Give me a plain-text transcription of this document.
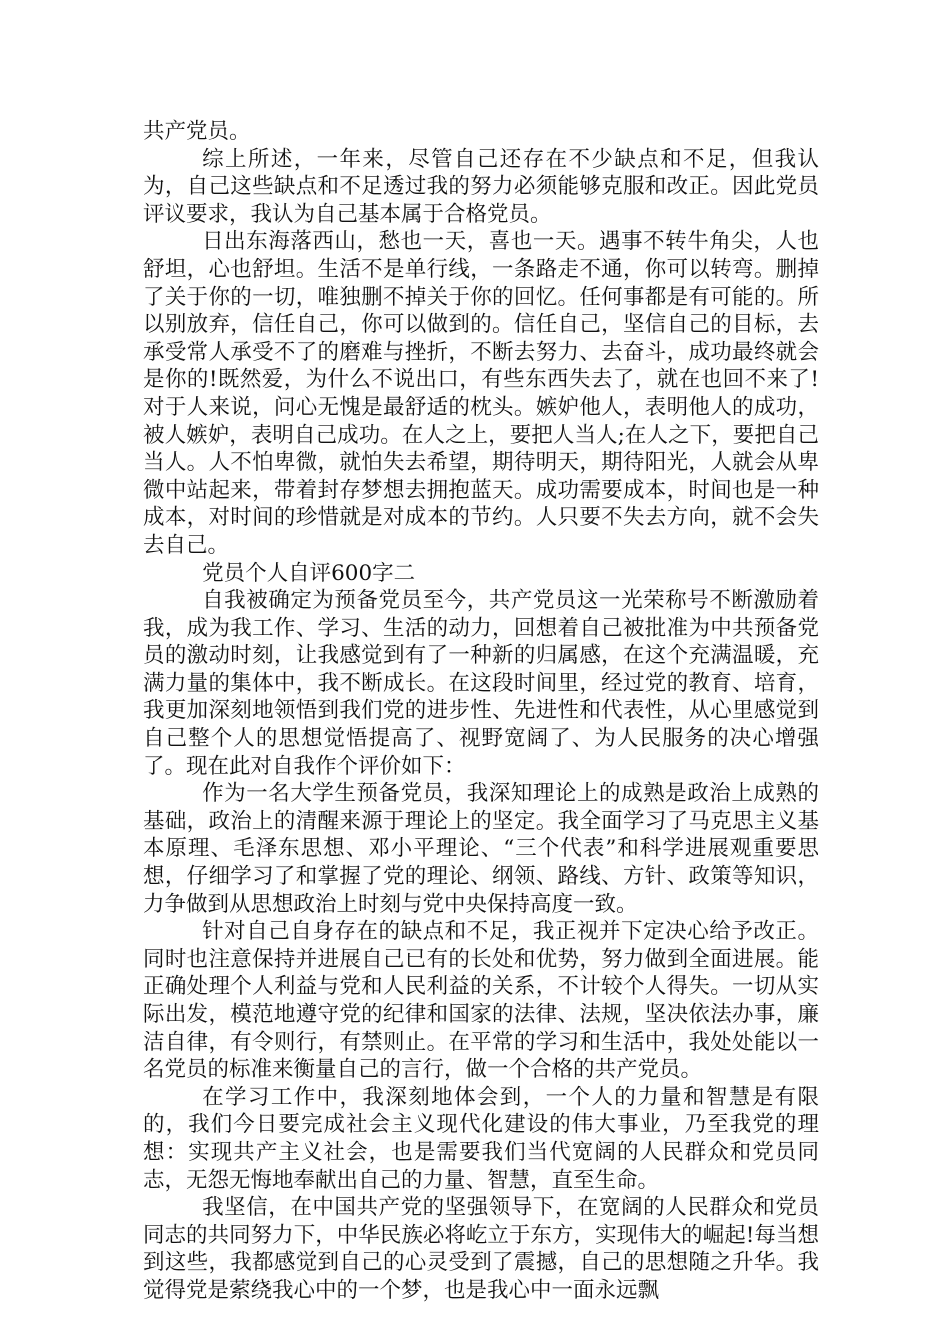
共产党员。

综上所述，一年来，尽管自己还存在不少缺点和不足，但我认为，自己这些缺点和不足透过我的努力必须能够克服和改正。因此党员评议要求，我认为自己基本属于合格党员。

日出东海落西山，愁也一天，喜也一天。遇事不转牛角尖，人也舒坦，心也舒坦。生活不是单行线，一条路走不通，你可以转弯。删掉了关于你的一切，唯独删不掉关于你的回忆。任何事都是有可能的。所以别放弃，信任自己，你可以做到的。信任自己，坚信自己的目标，去承受常人承受不了的磨难与挫折，不断去努力、去奋斗，成功最终就会是你的!既然爱，为什么不说出口，有些东西失去了，就在也回不来了!对于人来说，问心无愧是最舒适的枕头。嫉妒他人，表明他人的成功，被人嫉妒，表明自己成功。在人之上，要把人当人;在人之下，要把自己当人。人不怕卑微，就怕失去希望，期待明天，期待阳光，人就会从卑微中站起来，带着封存梦想去拥抱蓝天。成功需要成本，时间也是一种成本，对时间的珍惜就是对成本的节约。人只要不失去方向，就不会失去自己。

党员个人自评600字二

自我被确定为预备党员至今，共产党员这一光荣称号不断激励着我，成为我工作、学习、生活的动力，回想着自己被批准为中共预备党员的激动时刻，让我感觉到有了一种新的归属感，在这个充满温暖，充满力量的集体中，我不断成长。在这段时间里，经过党的教育、培育，我更加深刻地领悟到我们党的进步性、先进性和代表性，从心里感觉到自己整个人的思想觉悟提高了、视野宽阔了、为人民服务的决心增强了。现在此对自我作个评价如下：

作为一名大学生预备党员，我深知理论上的成熟是政治上成熟的基础，政治上的清醒来源于理论上的坚定。我全面学习了马克思主义基本原理、毛泽东思想、邓小平理论、“三个代表”和科学进展观重要思想，仔细学习了和掌握了党的理论、纲领、路线、方针、政策等知识，力争做到从思想政治上时刻与党中央保持高度一致。

针对自己自身存在的缺点和不足，我正视并下定决心给予改正。同时也注意保持并进展自己已有的长处和优势，努力做到全面进展。能正确处理个人利益与党和人民利益的关系，不计较个人得失。一切从实际出发，模范地遵守党的纪律和国家的法律、法规，坚决依法办事，廉洁自律，有令则行，有禁则止。在平常的学习和生活中，我处处能以一名党员的标准来衡量自己的言行，做一个合格的共产党员。

在学习工作中，我深刻地体会到，一个人的力量和智慧是有限的，我们今日要完成社会主义现代化建设的伟大事业，乃至我党的理想：实现共产主义社会，也是需要我们当代宽阔的人民群众和党员同志，无怨无悔地奉献出自己的力量、智慧，直至生命。

我坚信，在中国共产党的坚强领导下，在宽阔的人民群众和党员同志的共同努力下，中华民族必将屹立于东方，实现伟大的崛起!每当想到这些，我都感觉到自己的心灵受到了震撼，自己的思想随之升华。我觉得党是萦绕我心中的一个梦，也是我心中一面永远飘
